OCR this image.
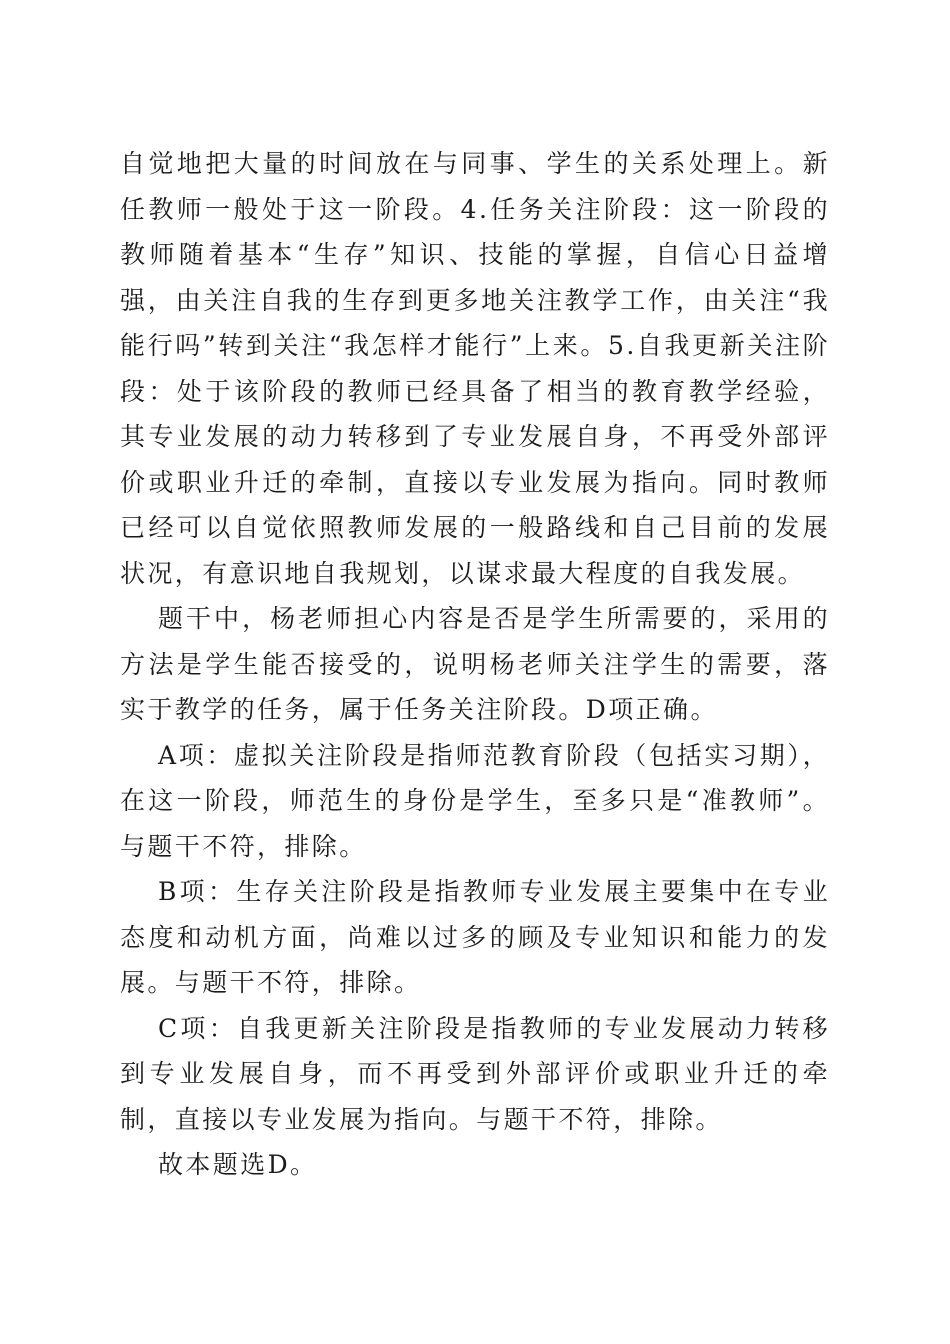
自觉地把大量的时间放在与同事、学生的关系处理上。新任教师一般处于这一阶段。4.任务关注阶段：这一阶段的教师随着基本“生存”知识、技能的掌握，自信心日益增强，由关注自我的生存到更多地关注教学工作，由关注“我能行吗”转到关注“我怎样才能行”上来。5.自我更新关注阶段：处于该阶段的教师已经具备了相当的教育教学经验，其专业发展的动力转移到了专业发展自身，不再受外部评价或职业升迁的牵制，直接以专业发展为指向。同时教师已经可以自觉依照教师发展的一般路线和自己目前的发展状况，有意识地自我规划，以谋求最大程度的自我发展。

题干中，杨老师担心内容是否是学生所需要的，采用的方法是学生能否接受的，说明杨老师关注学生的需要，落实于教学的任务，属于任务关注阶段。D项正确。

A项：虚拟关注阶段是指师范教育阶段（包括实习期），在这一阶段，师范生的身份是学生，至多只是“准教师”。与题干不符，排除。

B项：生存关注阶段是指教师专业发展主要集中在专业态度和动机方面，尚难以过多的顾及专业知识和能力的发展。与题干不符，排除。

C项：自我更新关注阶段是指教师的专业发展动力转移到专业发展自身，而不再受到外部评价或职业升迁的牵制，直接以专业发展为指向。与题干不符，排除。

故本题选D。
